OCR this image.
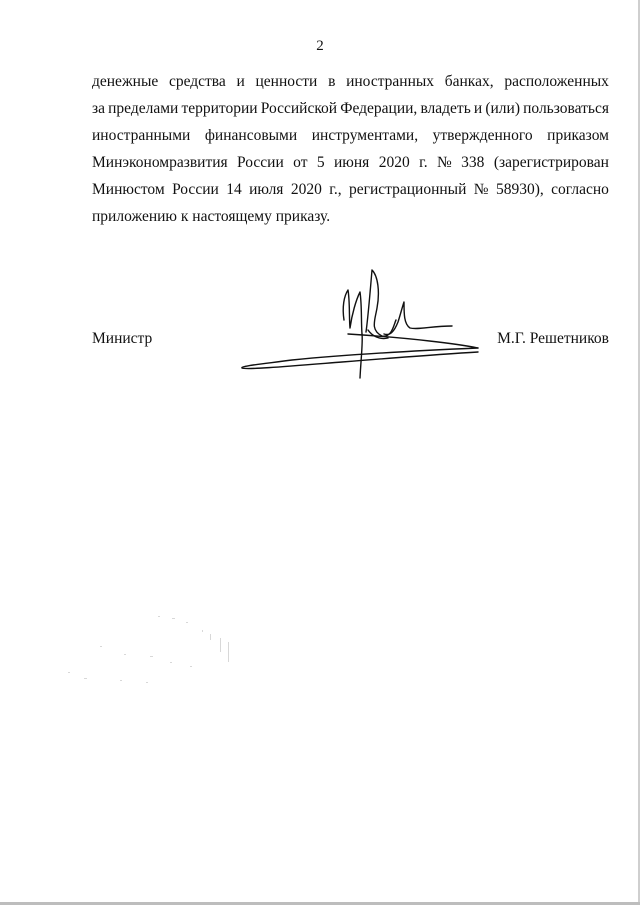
2
денежные средства и ценности в иностранных банках, расположенных
за пределами территории Российской Федерации, владеть и (или) пользоваться
иностранными финансовыми инструментами, утвержденного приказом
Минэкономразвития России от 5 июня 2020 г. № 338 (зарегистрирован
Минюстом России 14 июля 2020 г., регистрационный № 58930), согласно
приложению к настоящему приказу.
Министр	М.Г. Решетников
